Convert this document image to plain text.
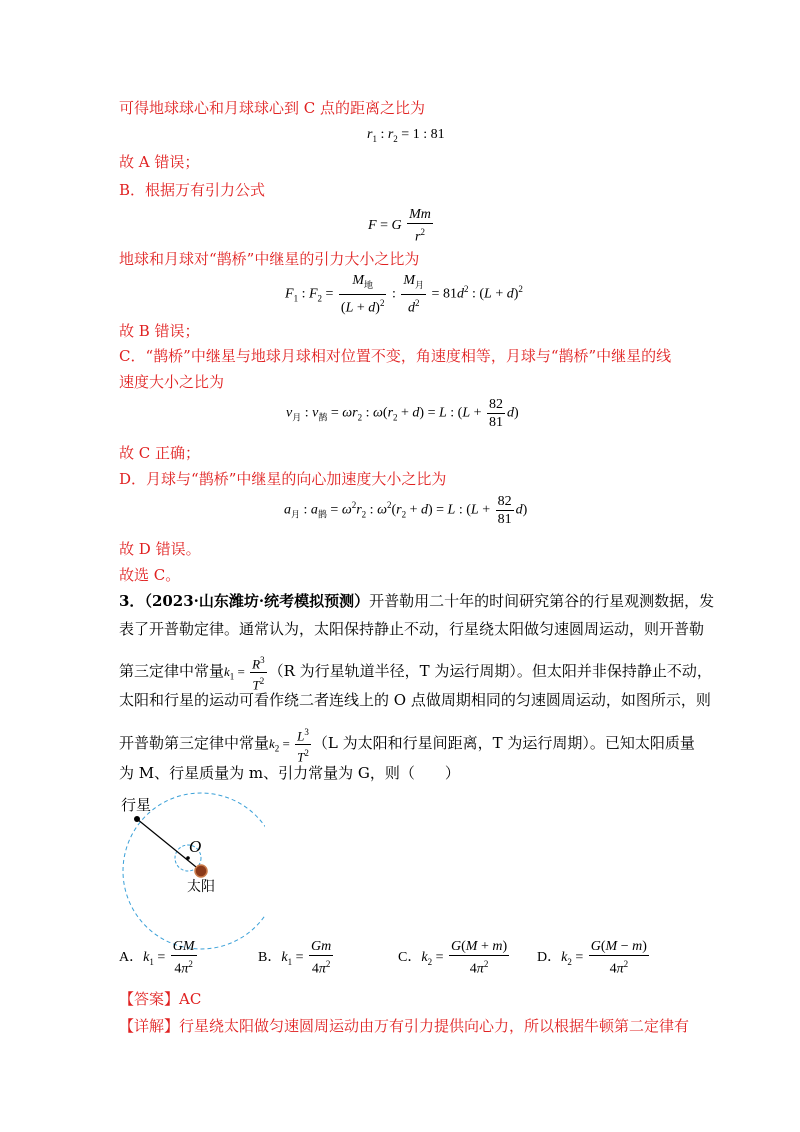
可得地球球心和月球球心到 C 点的距离之比为
$r_1$ : $r_2 = 1$ : 81
故 A 错误；
B．根据万有引力公式
F = G $\frac{Mm}{r^2}$
地球和月球对“鹊桥”中继星的引力大小之比为
$F_1$ : $F_2 = \frac{M_地}{(L + d)^2}$ : $\frac{M_月}{d^2} = 81d^2$ : $(L + d)^2$
故 B 错误；
C．“鹊桥”中继星与地球月球相对位置不变，角速度相等，月球与“鹊桥”中继星的线
速度大小之比为
$v_月$ : $v_鹊 = \omega r_2$ : $\omega(r_2 + d) = L$ : $(L + \frac{82}{81} d)$
故 C 正确；
D．月球与“鹊桥”中继星的向心加速度大小之比为
$a_月$ : $a_鹊 = \omega^2r_2$ : $\omega^2(r_2 + d) = L$ : $(L + \frac{82}{81} d)$
故 D 错误。
故选 C。
3．（2023·山东潍坊·统考模拟预测）开普勒用二十年的时间研究第谷的行星观测数据，发
表了开普勒定律。通常认为，太阳保持静止不动，行星绕太阳做匀速圆周运动，则开普勒
第三定律中常量$k_1 = \frac{R^3}{T^2} (R$ 为行星轨道半径，T 为运行周期）。但太阳并非保持静止不动，
太阳和行星的运动可看作绕二者连线上的 O 点做周期相同的匀速圆周运动，如图所示，则
开普勒第三定律中常量$k_2 = \frac{L^3}{T^2} (L$ 为太阳和行星间距离，T 为运行周期）。已知太阳质量
为 M、行星质量为 m、引力常量为 G，则（　　）
行星
O
太阳
A．$k_1 = \frac{GM}{4\pi^2}$	B．$k_1 = \frac{Gm}{4\pi^2}$	C．$k_2 = \frac{G(M + m)}{4\pi^2}$ D．$k_2 = \frac{G(M - m)}{4\pi^2}$
【答案】AC
【详解】行星绕太阳做匀速圆周运动由万有引力提供向心力，所以根据牛顿第二定律有
